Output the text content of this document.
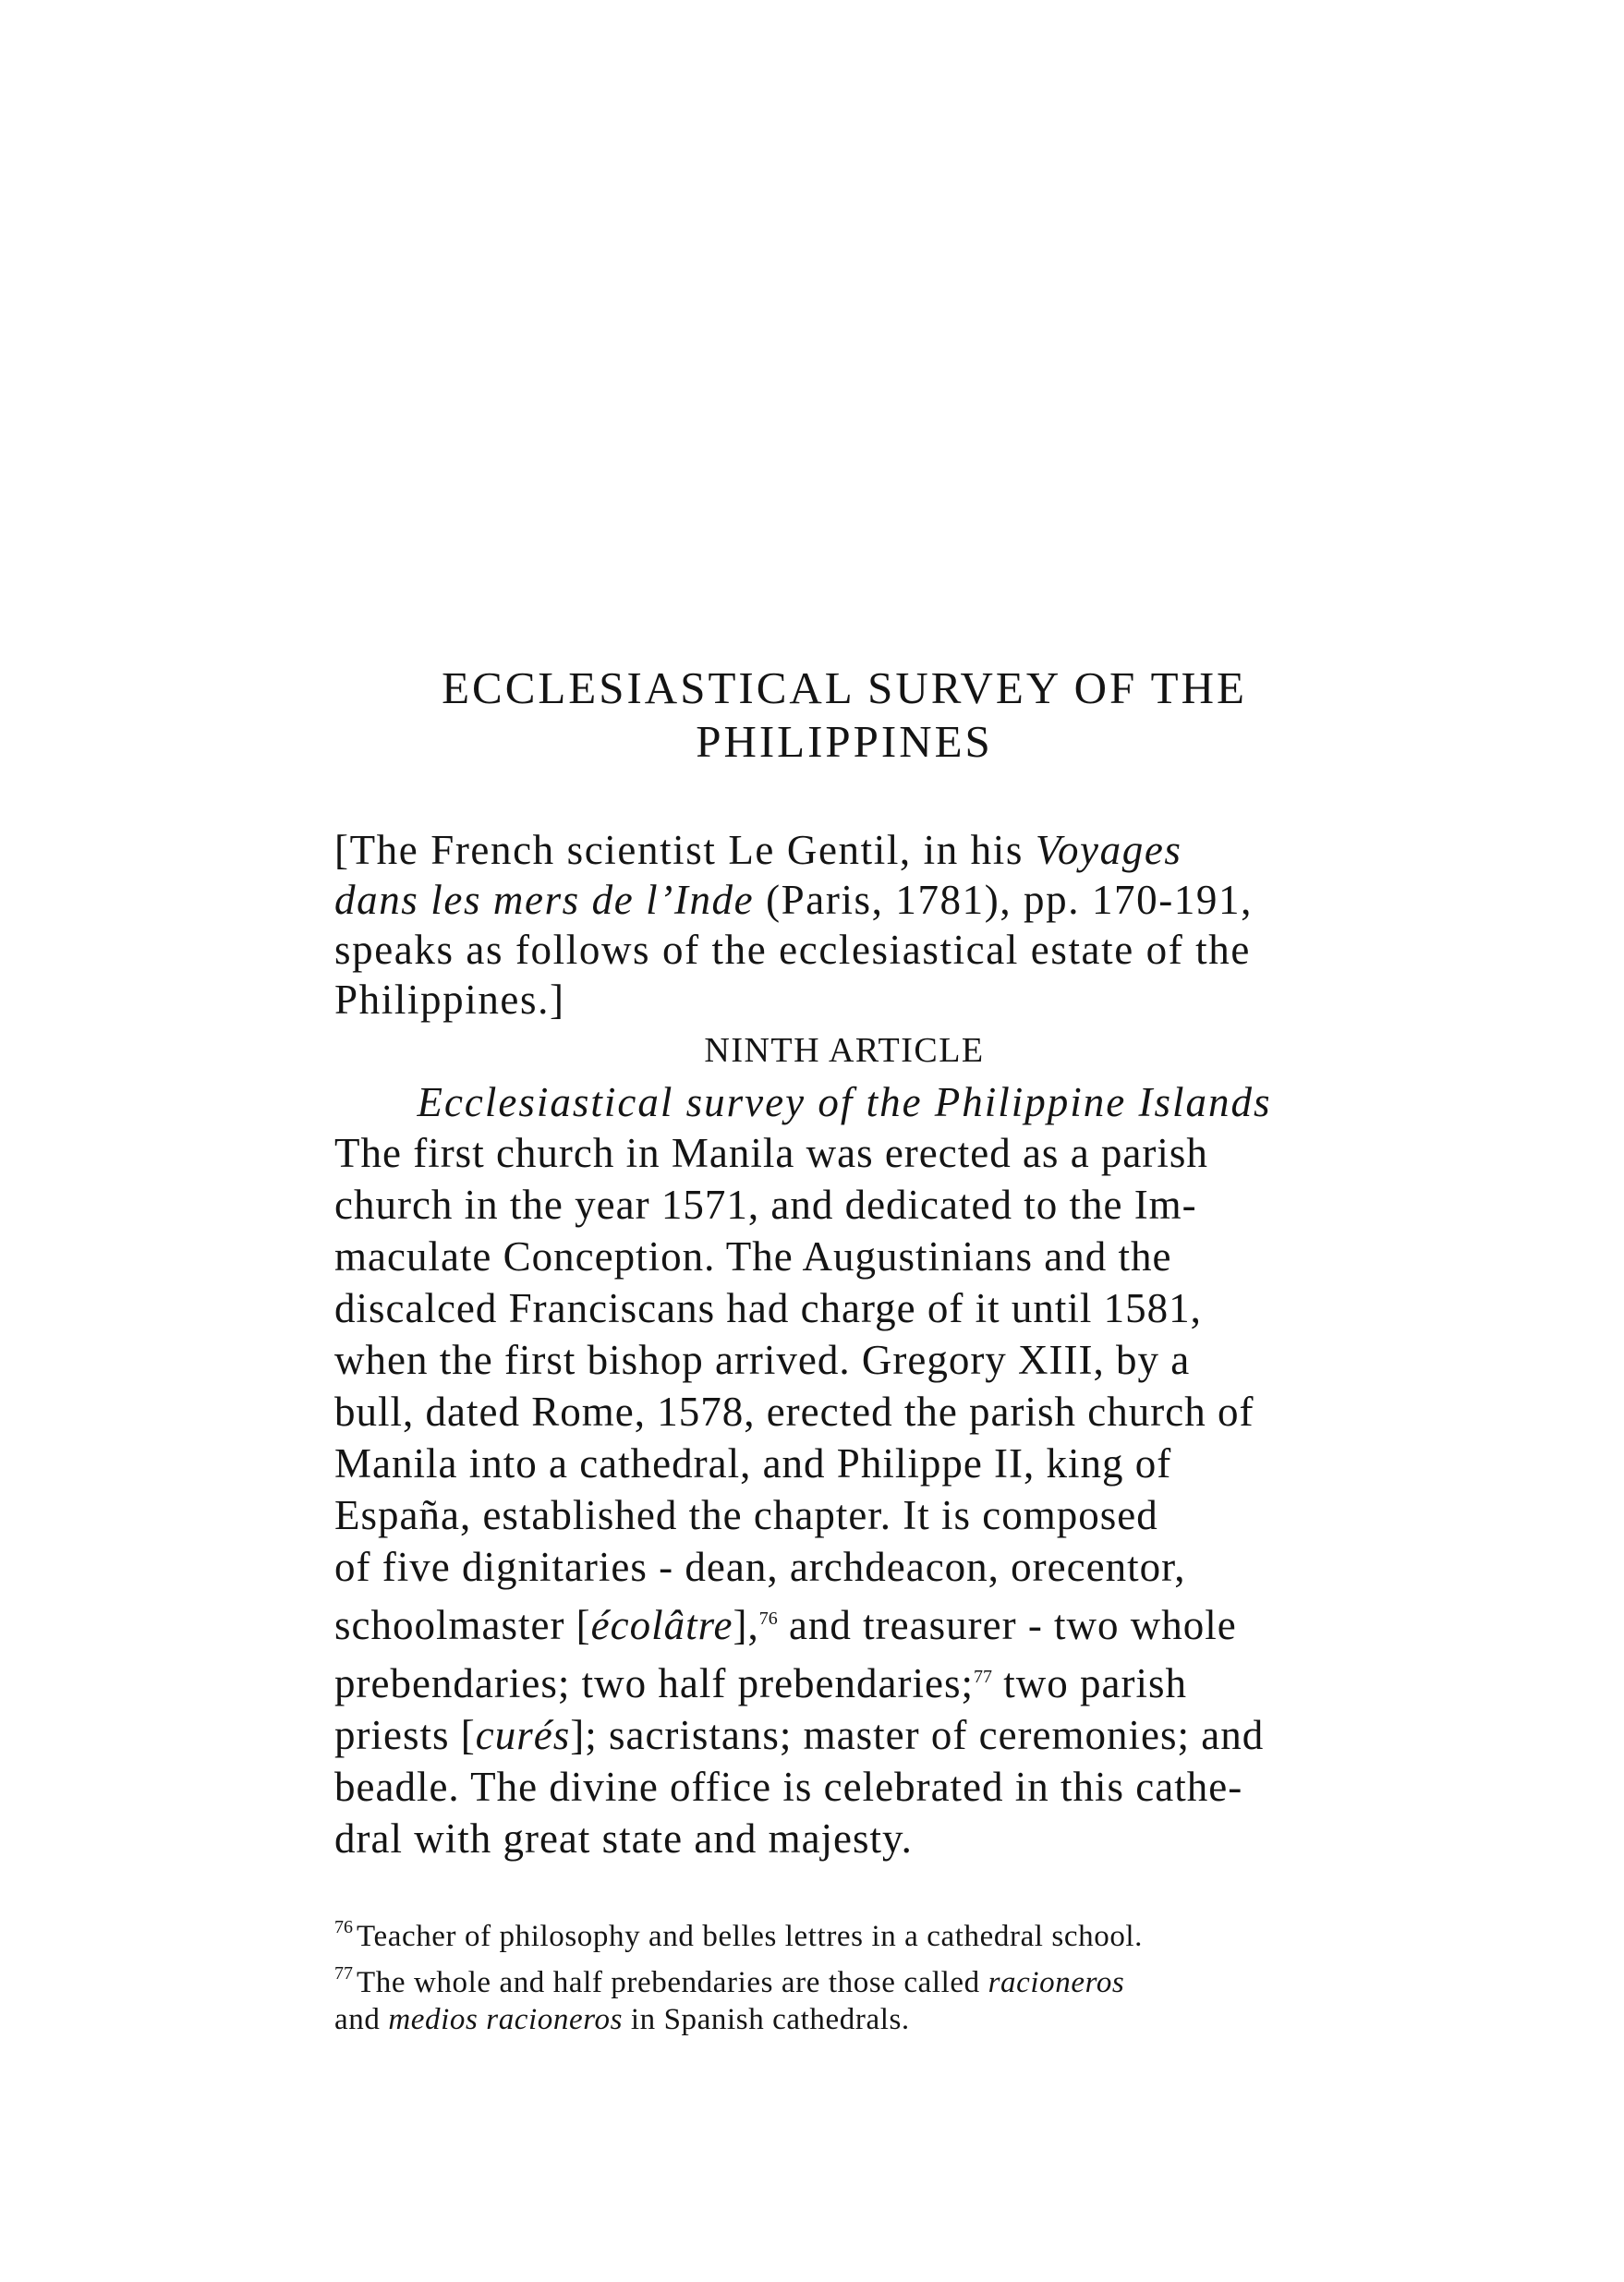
ECCLESIASTICAL SURVEY OF THE
PHILIPPINES
[The French scientist Le Gentil, in his Voyages
dans les mers de l’Inde (Paris, 1781), pp. 170-191,
speaks as follows of the ecclesiastical estate of the
Philippines.]
NINTH ARTICLE
Ecclesiastical survey of the Philippine Islands
The first church in Manila was erected as a parish
church in the year 1571, and dedicated to the Im-
maculate Conception. The Augustinians and the
discalced Franciscans had charge of it until 1581,
when the first bishop arrived. Gregory XIII, by a
bull, dated Rome, 1578, erected the parish church of
Manila into a cathedral, and Philippe II, king of
España, established the chapter. It is composed
of five dignitaries - dean, archdeacon, orecentor,
schoolmaster [écolâtre],$^{76}$ and treasurer - two whole
prebendaries; two half prebendaries;$^{77}$ two parish
priests [curés]; sacristans; master of ceremonies; and
beadle. The divine office is celebrated in this cathe-
dral with great state and majesty.
$^{76}$ Teacher of philosophy and belles lettres in a cathedral school.
$^{77}$ The whole and half prebendaries are those called racioneros
and medios racioneros in Spanish cathedrals.
